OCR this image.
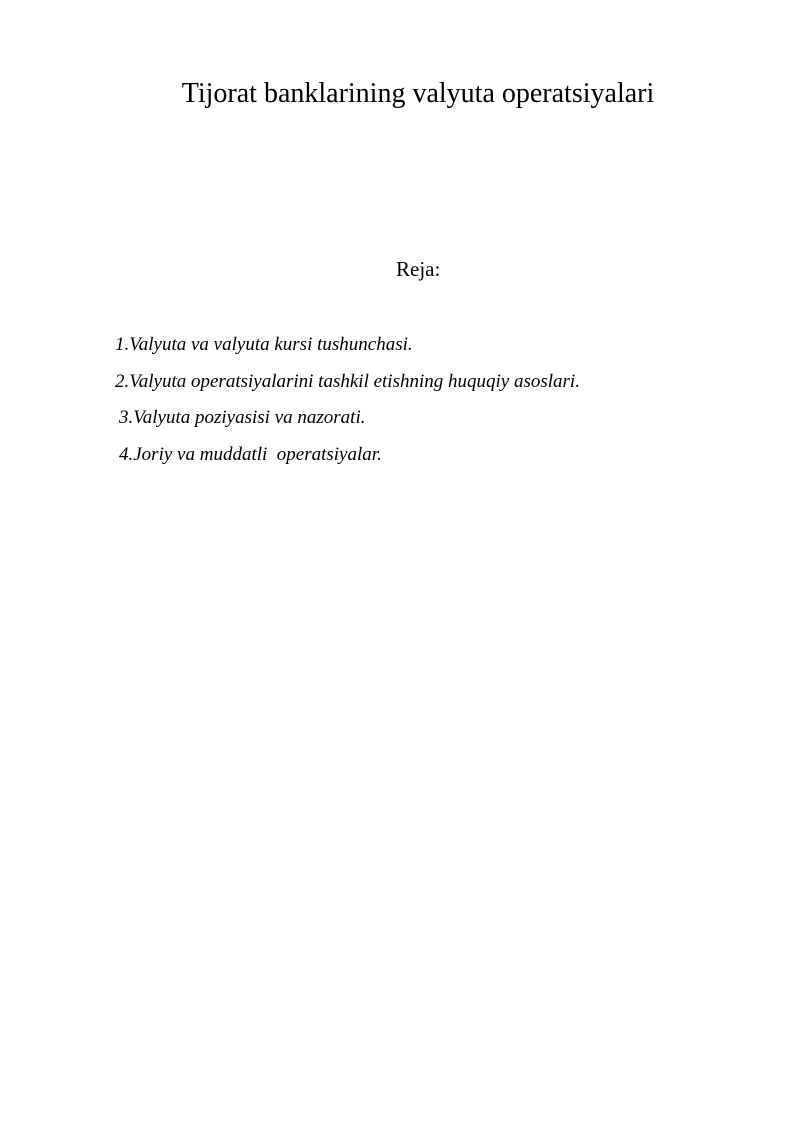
Tijorat banklarining valyuta operatsiyalari
Reja:
1.Valyuta va valyuta kursi tushunchasi.
2.Valyuta operatsiyalarini tashkil etishning huquqiy asoslari.
3.Valyuta poziyasisi va nazorati.
4.Joriy va muddatli  operatsiyalar.
